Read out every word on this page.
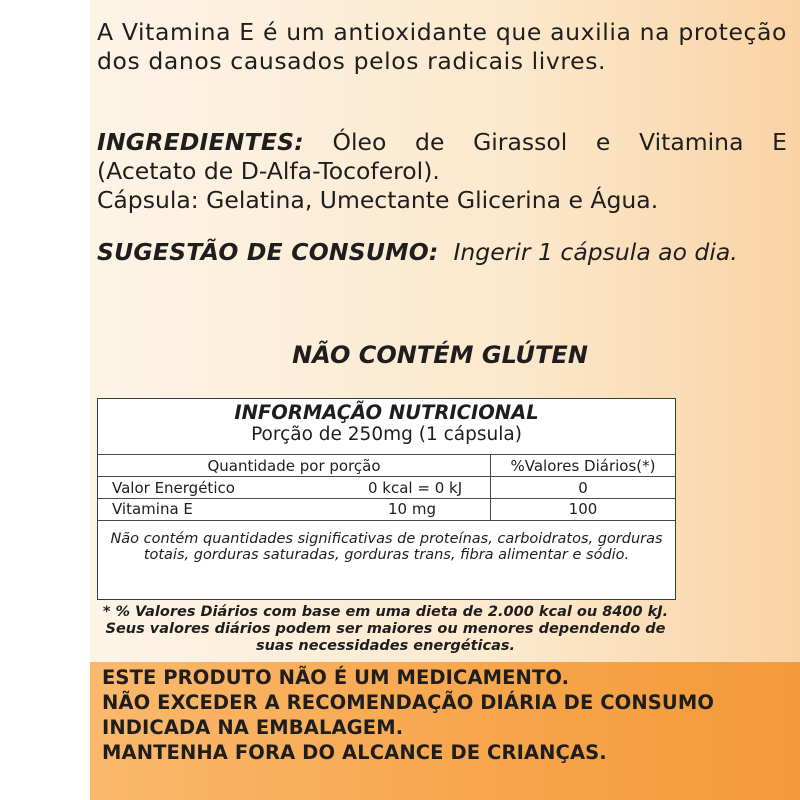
A Vitamina E é um antioxidante que auxilia na proteção dos danos causados pelos radicais livres.

INGREDIENTES: Óleo de Girassol e Vitamina E
(Acetato de D-Alfa-Tocoferol).
Cápsula: Gelatina, Umectante Glicerina e Água.

SUGESTÃO DE CONSUMO: Ingerir 1 cápsula ao dia.

NÃO CONTÉM GLÚTEN

INFORMAÇÃO NUTRICIONAL
Porção de 250mg (1 cápsula)
Quantidade por porção	%Valores Diários(*)
Valor Energético	0 kcal = 0 kJ	0
Vitamina E	10 mg	100
Não contém quantidades significativas de proteínas, carboidratos, gorduras totais, gorduras saturadas, gorduras trans, fibra alimentar e sódio.

* % Valores Diários com base em uma dieta de 2.000 kcal ou 8400 kJ. Seus valores diários podem ser maiores ou menores dependendo de suas necessidades energéticas.

ESTE PRODUTO NÃO É UM MEDICAMENTO.
NÃO EXCEDER A RECOMENDAÇÃO DIÁRIA DE CONSUMO
INDICADA NA EMBALAGEM.
MANTENHA FORA DO ALCANCE DE CRIANÇAS.
